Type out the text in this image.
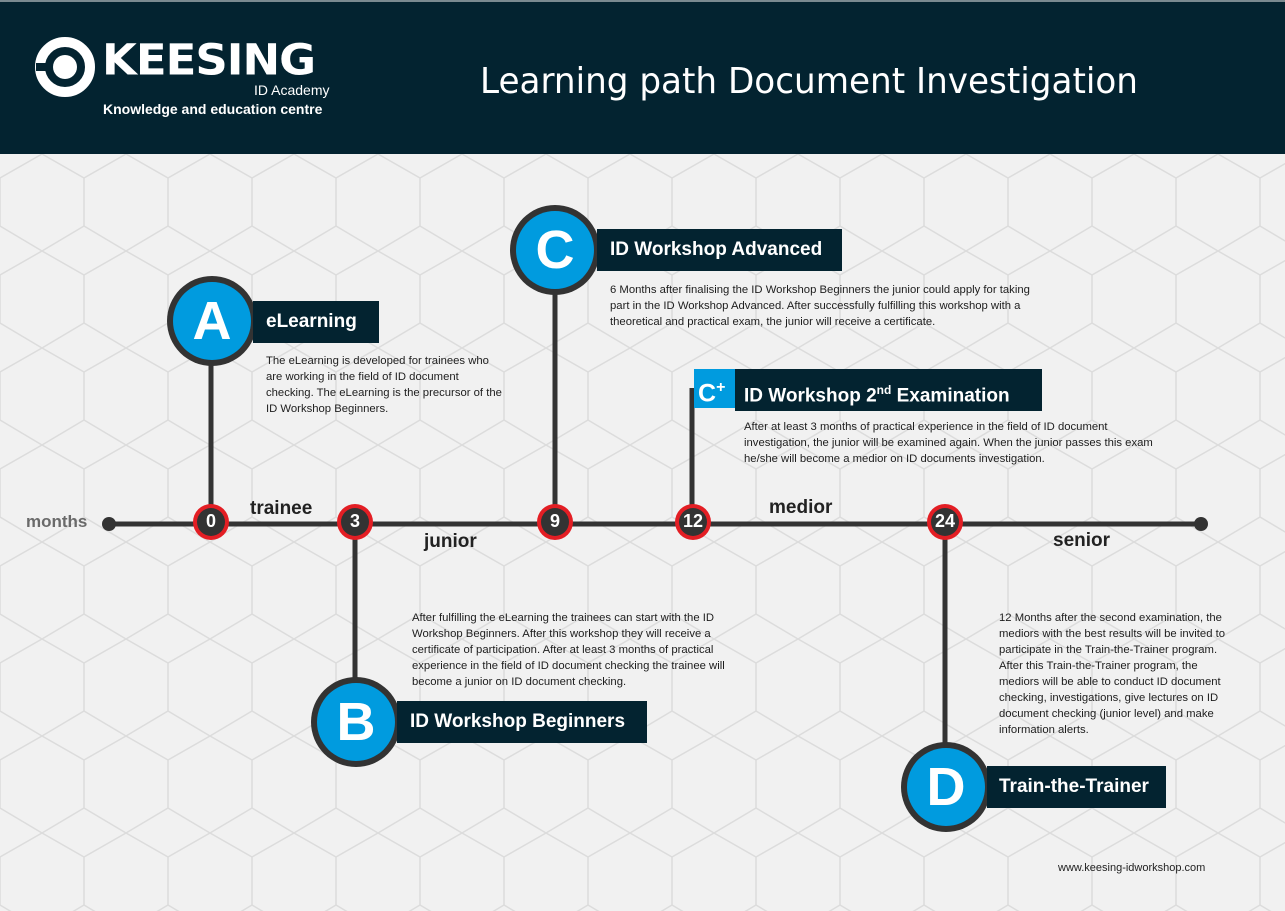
KEESING
ID Academy
Knowledge and education centre
Learning path Document Investigation
A
B
C
D
C+
eLearning
ID Workshop Beginners
ID Workshop Advanced
Train-the-Trainer
ID Workshop 2nd Examination
The eLearning is developed for trainees who are working in the field of ID document checking. The eLearning is the precursor of the ID Workshop Beginners.
After fulfilling the eLearning the trainees can start with the ID Workshop Beginners. After this workshop they will receive a certificate of participation. After at least 3 months of practical experience in the field of ID document checking the trainee will become a junior on ID document checking.
6 Months after finalising the ID Workshop Beginners the junior could apply for taking part in the ID Workshop Advanced. After successfully fulfilling this workshop with a theoretical and practical exam, the junior will receive a certificate.
After at least 3 months of practical experience in the field of ID document investigation, the junior will be examined again. When the junior passes this exam he/she will become a medior on ID documents investigation.
12 Months after the second examination, the mediors with the best results will be invited to participate in the Train-the-Trainer program. After this Train-the-Trainer program, the mediors will be able to conduct ID document checking, investigations, give lectures on ID document checking (junior level) and make information alerts.
months	0	3	9	12	24
trainee
junior
medior
senior
www.keesing-idworkshop.com
